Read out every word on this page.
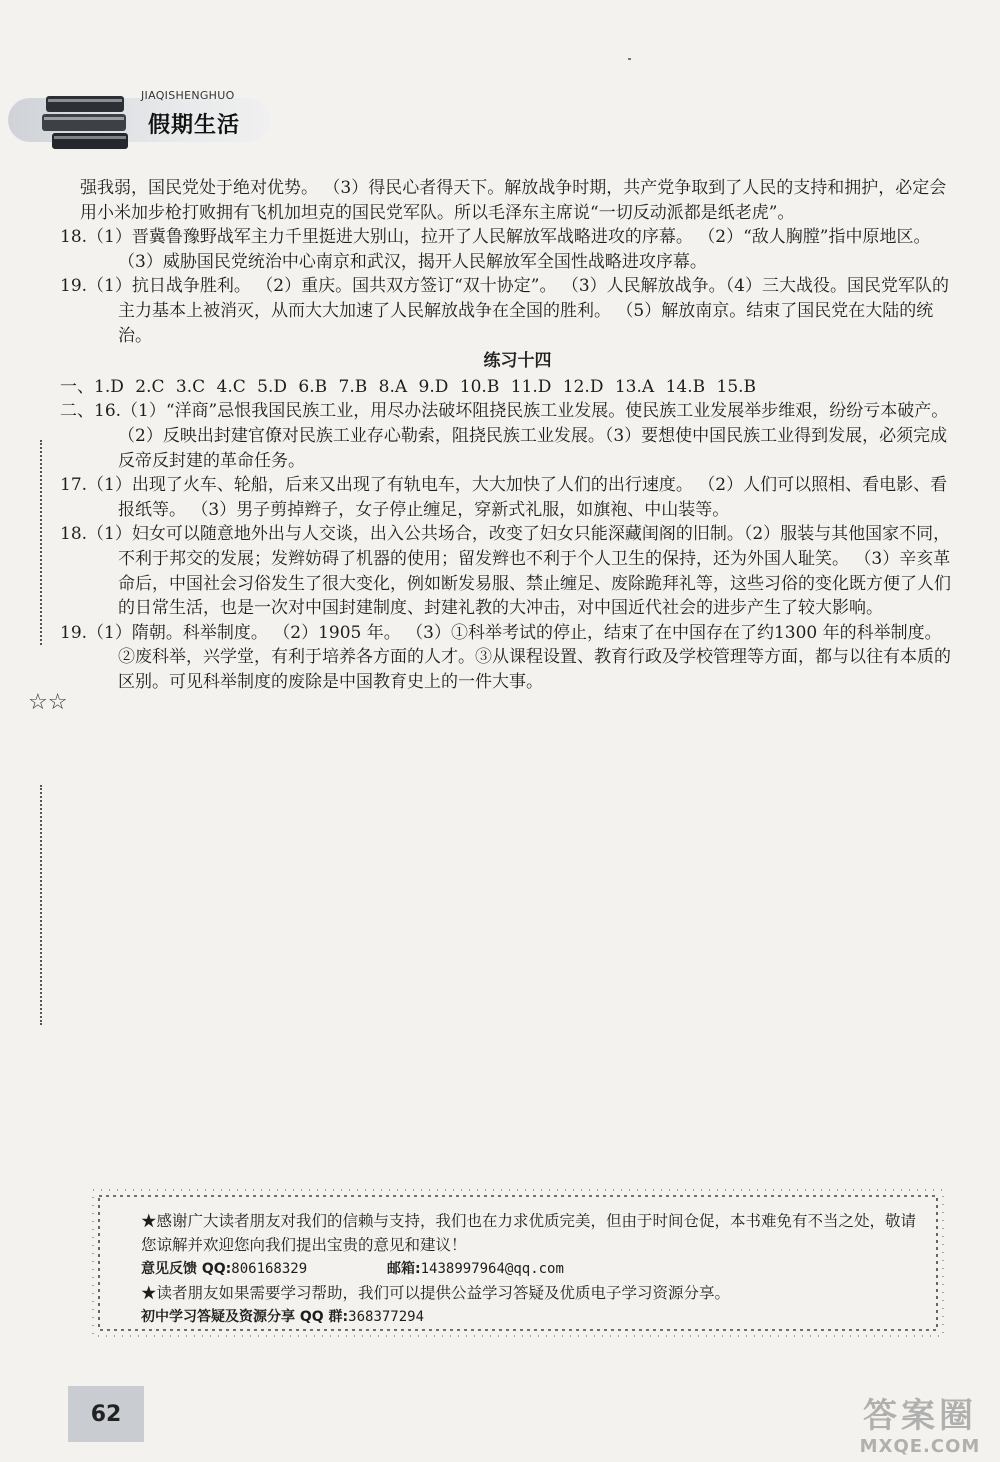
JIAQISHENGHUO
假期生活
☆☆

强我弱，国民党处于绝对优势。 （3）得民心者得天下。解放战争时期，共产党争取到了人民的支持和拥护，必定会用小米加步枪打败拥有飞机加坦克的国民党军队。所以毛泽东主席说“一切反动派都是纸老虎”。

18.（1）晋冀鲁豫野战军主力千里挺进大别山，拉开了人民解放军战略进攻的序幕。 （2）“敌人胸膛”指中原地区。 （3）威胁国民党统治中心南京和武汉，揭开人民解放军全国性战略进攻序幕。

19.（1）抗日战争胜利。 （2）重庆。国共双方签订“双十协定”。 （3）人民解放战争。（4）三大战役。国民党军队的主力基本上被消灭，从而大大加速了人民解放战争在全国的胜利。 （5）解放南京。结束了国民党在大陆的统治。

练习十四

一、1.D 2.C 3.C 4.C 5.D 6.B 7.B 8.A 9.D 10.B 11.D 12.D 13.A 14.B 15.B

二、16.（1）“洋商”忌恨我国民族工业，用尽办法破坏阻挠民族工业发展。使民族工业发展举步维艰，纷纷亏本破产。 （2）反映出封建官僚对民族工业存心勒索，阻挠民族工业发展。（3）要想使中国民族工业得到发展，必须完成反帝反封建的革命任务。

17.（1）出现了火车、轮船，后来又出现了有轨电车，大大加快了人们的出行速度。 （2）人们可以照相、看电影、看报纸等。 （3）男子剪掉辫子，女子停止缠足，穿新式礼服，如旗袍、中山装等。

18.（1）妇女可以随意地外出与人交谈，出入公共场合，改变了妇女只能深藏闺阁的旧制。（2）服装与其他国家不同，不利于邦交的发展；发辫妨碍了机器的使用；留发辫也不利于个人卫生的保持，还为外国人耻笑。 （3）辛亥革命后，中国社会习俗发生了很大变化，例如断发易服、禁止缠足、废除跪拜礼等，这些习俗的变化既方便了人们的日常生活，也是一次对中国封建制度、封建礼教的大冲击，对中国近代社会的进步产生了较大影响。

19.（1）隋朝。科举制度。 （2）1905 年。 （3）①科举考试的停止，结束了在中国存在了约1300 年的科举制度。②废科举，兴学堂，有利于培养各方面的人才。③从课程设置、教育行政及学校管理等方面，都与以往有本质的区别。可见科举制度的废除是中国教育史上的一件大事。

★感谢广大读者朋友对我们的信赖与支持，我们也在力求优质完美，但由于时间仓促，本书难免有不当之处，敬请您谅解并欢迎您向我们提出宝贵的意见和建议！

意见反馈 QQ:806168329	邮箱:1438997964@qq.com

★读者朋友如果需要学习帮助，我们可以提供公益学习答疑及优质电子学习资源分享。

初中学习答疑及资源分享 QQ 群:368377294

62	答案圈
MXQE.COM
